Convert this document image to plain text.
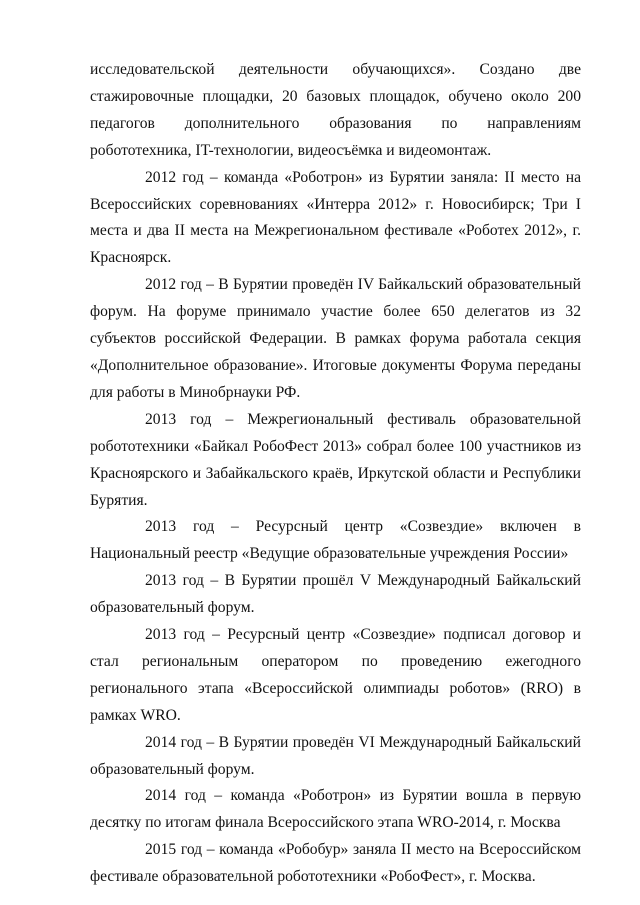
исследовательской деятельности обучающихся». Создано две стажировочные площадки, 20 базовых площадок, обучено около 200 педагогов дополнительного образования по направлениям робототехника, IT-технологии, видеосъёмка и видеомонтаж.

2012 год – команда «Роботрон» из Бурятии заняла: II место на Всероссийских соревнованиях «Интерра 2012» г. Новосибирск; Три I места и два II места на Межрегиональном фестивале «Роботех 2012», г. Красноярск.

2012 год – В Бурятии проведён IV Байкальский образовательный форум. На форуме принимало участие более 650 делегатов из 32 субъектов российской Федерации. В рамках форума работала секция «Дополнительное образование». Итоговые документы Форума переданы для работы в Минобрнауки РФ.

2013 год – Межрегиональный фестиваль образовательной робототехники «Байкал РобоФест 2013» собрал более 100 участников из Красноярского и Забайкальского краёв, Иркутской области и Республики Бурятия.

2013 год – Ресурсный центр «Созвездие» включен в Национальный реестр «Ведущие образовательные учреждения России»

2013 год – В Бурятии прошёл V Международный Байкальский образовательный форум.

2013 год – Ресурсный центр «Созвездие» подписал договор и стал региональным оператором по проведению ежегодного регионального этапа «Всероссийской олимпиады роботов» (RRO) в рамках WRO.

2014 год – В Бурятии проведён VI Международный Байкальский образовательный форум.

2014 год – команда «Роботрон» из Бурятии вошла в первую десятку по итогам финала Всероссийского этапа WRO-2014, г. Москва

2015 год – команда «Робобур» заняла II место на Всероссийском фестивале образовательной робототехники «РобоФест», г. Москва.
